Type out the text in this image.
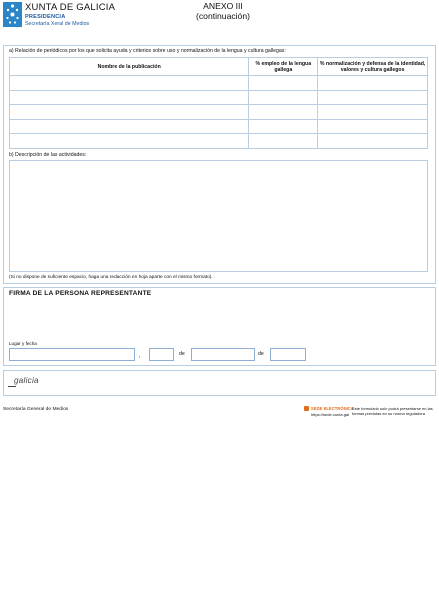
XUNTA DE GALICIA
PRESIDENCIA
Secretaría Xeral de Medios
ANEXO III
(continuación)
a) Relación de periódicos por los que solicita ayuda y criterios sobre uso y normalización de la lengua y cultura gallegas:
Nombre de la publicación	% empleo de la lengua gallega	% normalización y defensa de la identidad, valores y cultura gallegos

b) Descripción de las actividades:
(Si no dispone de suficiente espacio, haga una redacción en hoja aparte con el mismo formato).
FIRMA DE LA PERSONA REPRESENTANTE
Lugar y fecha
,	de	de
galicia
Secretaría General de Medios	SEDE ELECTRÓNICA
https://sede.xunta.gal
Este formulario solo podrá presentarse en las formas previstas en su norma reguladora
